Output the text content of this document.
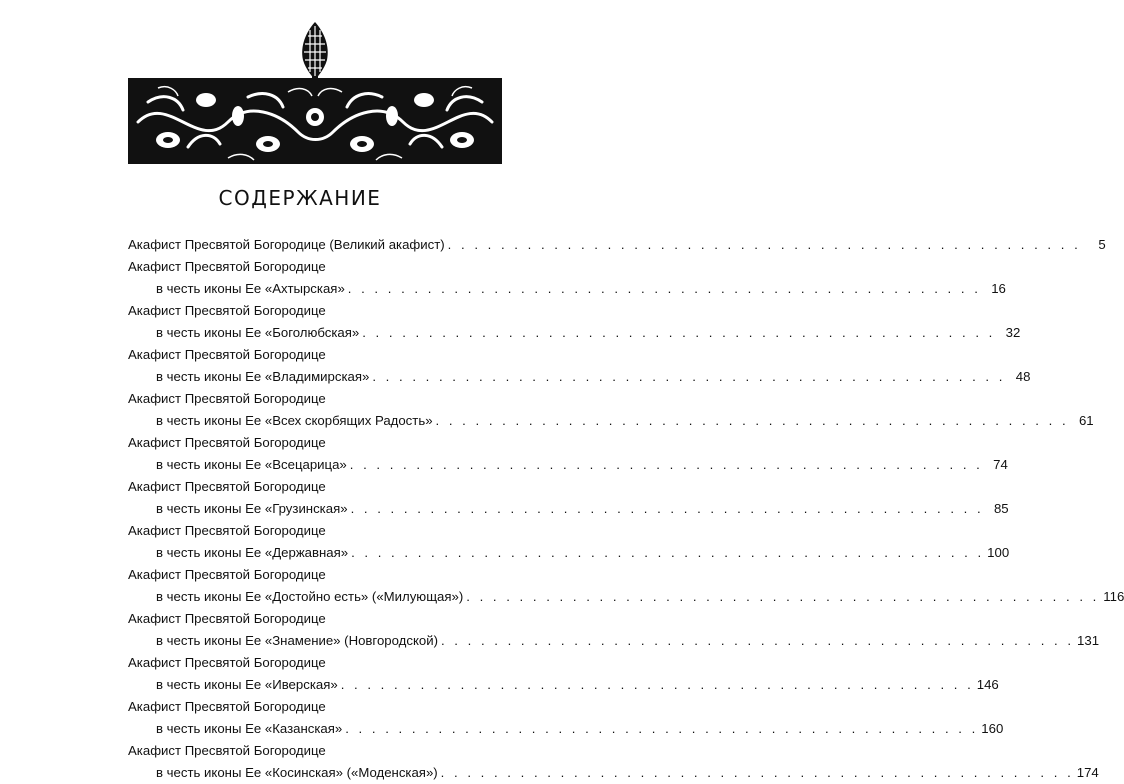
СОДЕРЖАНИЕ
Акафист Пресвятой Богородице (Великий акафист) . . . . . . . . . . . . . . . . . . . . . . . . . . . . . . . . . . . . . . . . . . . . . . . .	5
Акафист Пресвятой Богородице
в честь иконы Ее «Ахтырская» . . . . . . . . . . . . . . . . . . . . . . . . . . . . . . . . . . . . . . . . . . . . . . . . 16
Акафист Пресвятой Богородице
в честь иконы Ее «Боголюбская» . . . . . . . . . . . . . . . . . . . . . . . . . . . . . . . . . . . . . . . . . . . . . . . . 32
Акафист Пресвятой Богородице
в честь иконы Ее «Владимирская» . . . . . . . . . . . . . . . . . . . . . . . . . . . . . . . . . . . . . . . . . . . . . . . . 48
Акафист Пресвятой Богородице
в честь иконы Ее «Всех скорбящих Радость» . . . . . . . . . . . . . . . . . . . . . . . . . . . . . . . . . . . . . . . . . . . . . . . . 61
Акафист Пресвятой Богородице
в честь иконы Ее «Всецарица» . . . . . . . . . . . . . . . . . . . . . . . . . . . . . . . . . . . . . . . . . . . . . . . . 74
Акафист Пресвятой Богородице
в честь иконы Ее «Грузинская» . . . . . . . . . . . . . . . . . . . . . . . . . . . . . . . . . . . . . . . . . . . . . . . . 85
Акафист Пресвятой Богородице
в честь иконы Ее «Державная» . . . . . . . . . . . . . . . . . . . . . . . . . . . . . . . . . . . . . . . . . . . . . . . . 100
Акафист Пресвятой Богородице
в честь иконы Ее «Достойно есть» («Милующая») . . . . . . . . . . . . . . . . . . . . . . . . . . . . . . . . . . . . . . . . . . . . . . . . 116
Акафист Пресвятой Богородице
в честь иконы Ее «Знамение» (Новгородской) . . . . . . . . . . . . . . . . . . . . . . . . . . . . . . . . . . . . . . . . . . . . . . . . 131
Акафист Пресвятой Богородице
в честь иконы Ее «Иверская» . . . . . . . . . . . . . . . . . . . . . . . . . . . . . . . . . . . . . . . . . . . . . . . . 146
Акафист Пресвятой Богородице
в честь иконы Ее «Казанская» . . . . . . . . . . . . . . . . . . . . . . . . . . . . . . . . . . . . . . . . . . . . . . . . 160
Акафист Пресвятой Богородице
в честь иконы Ее «Косинская» («Моденская») . . . . . . . . . . . . . . . . . . . . . . . . . . . . . . . . . . . . . . . . . . . . . . . . 174
